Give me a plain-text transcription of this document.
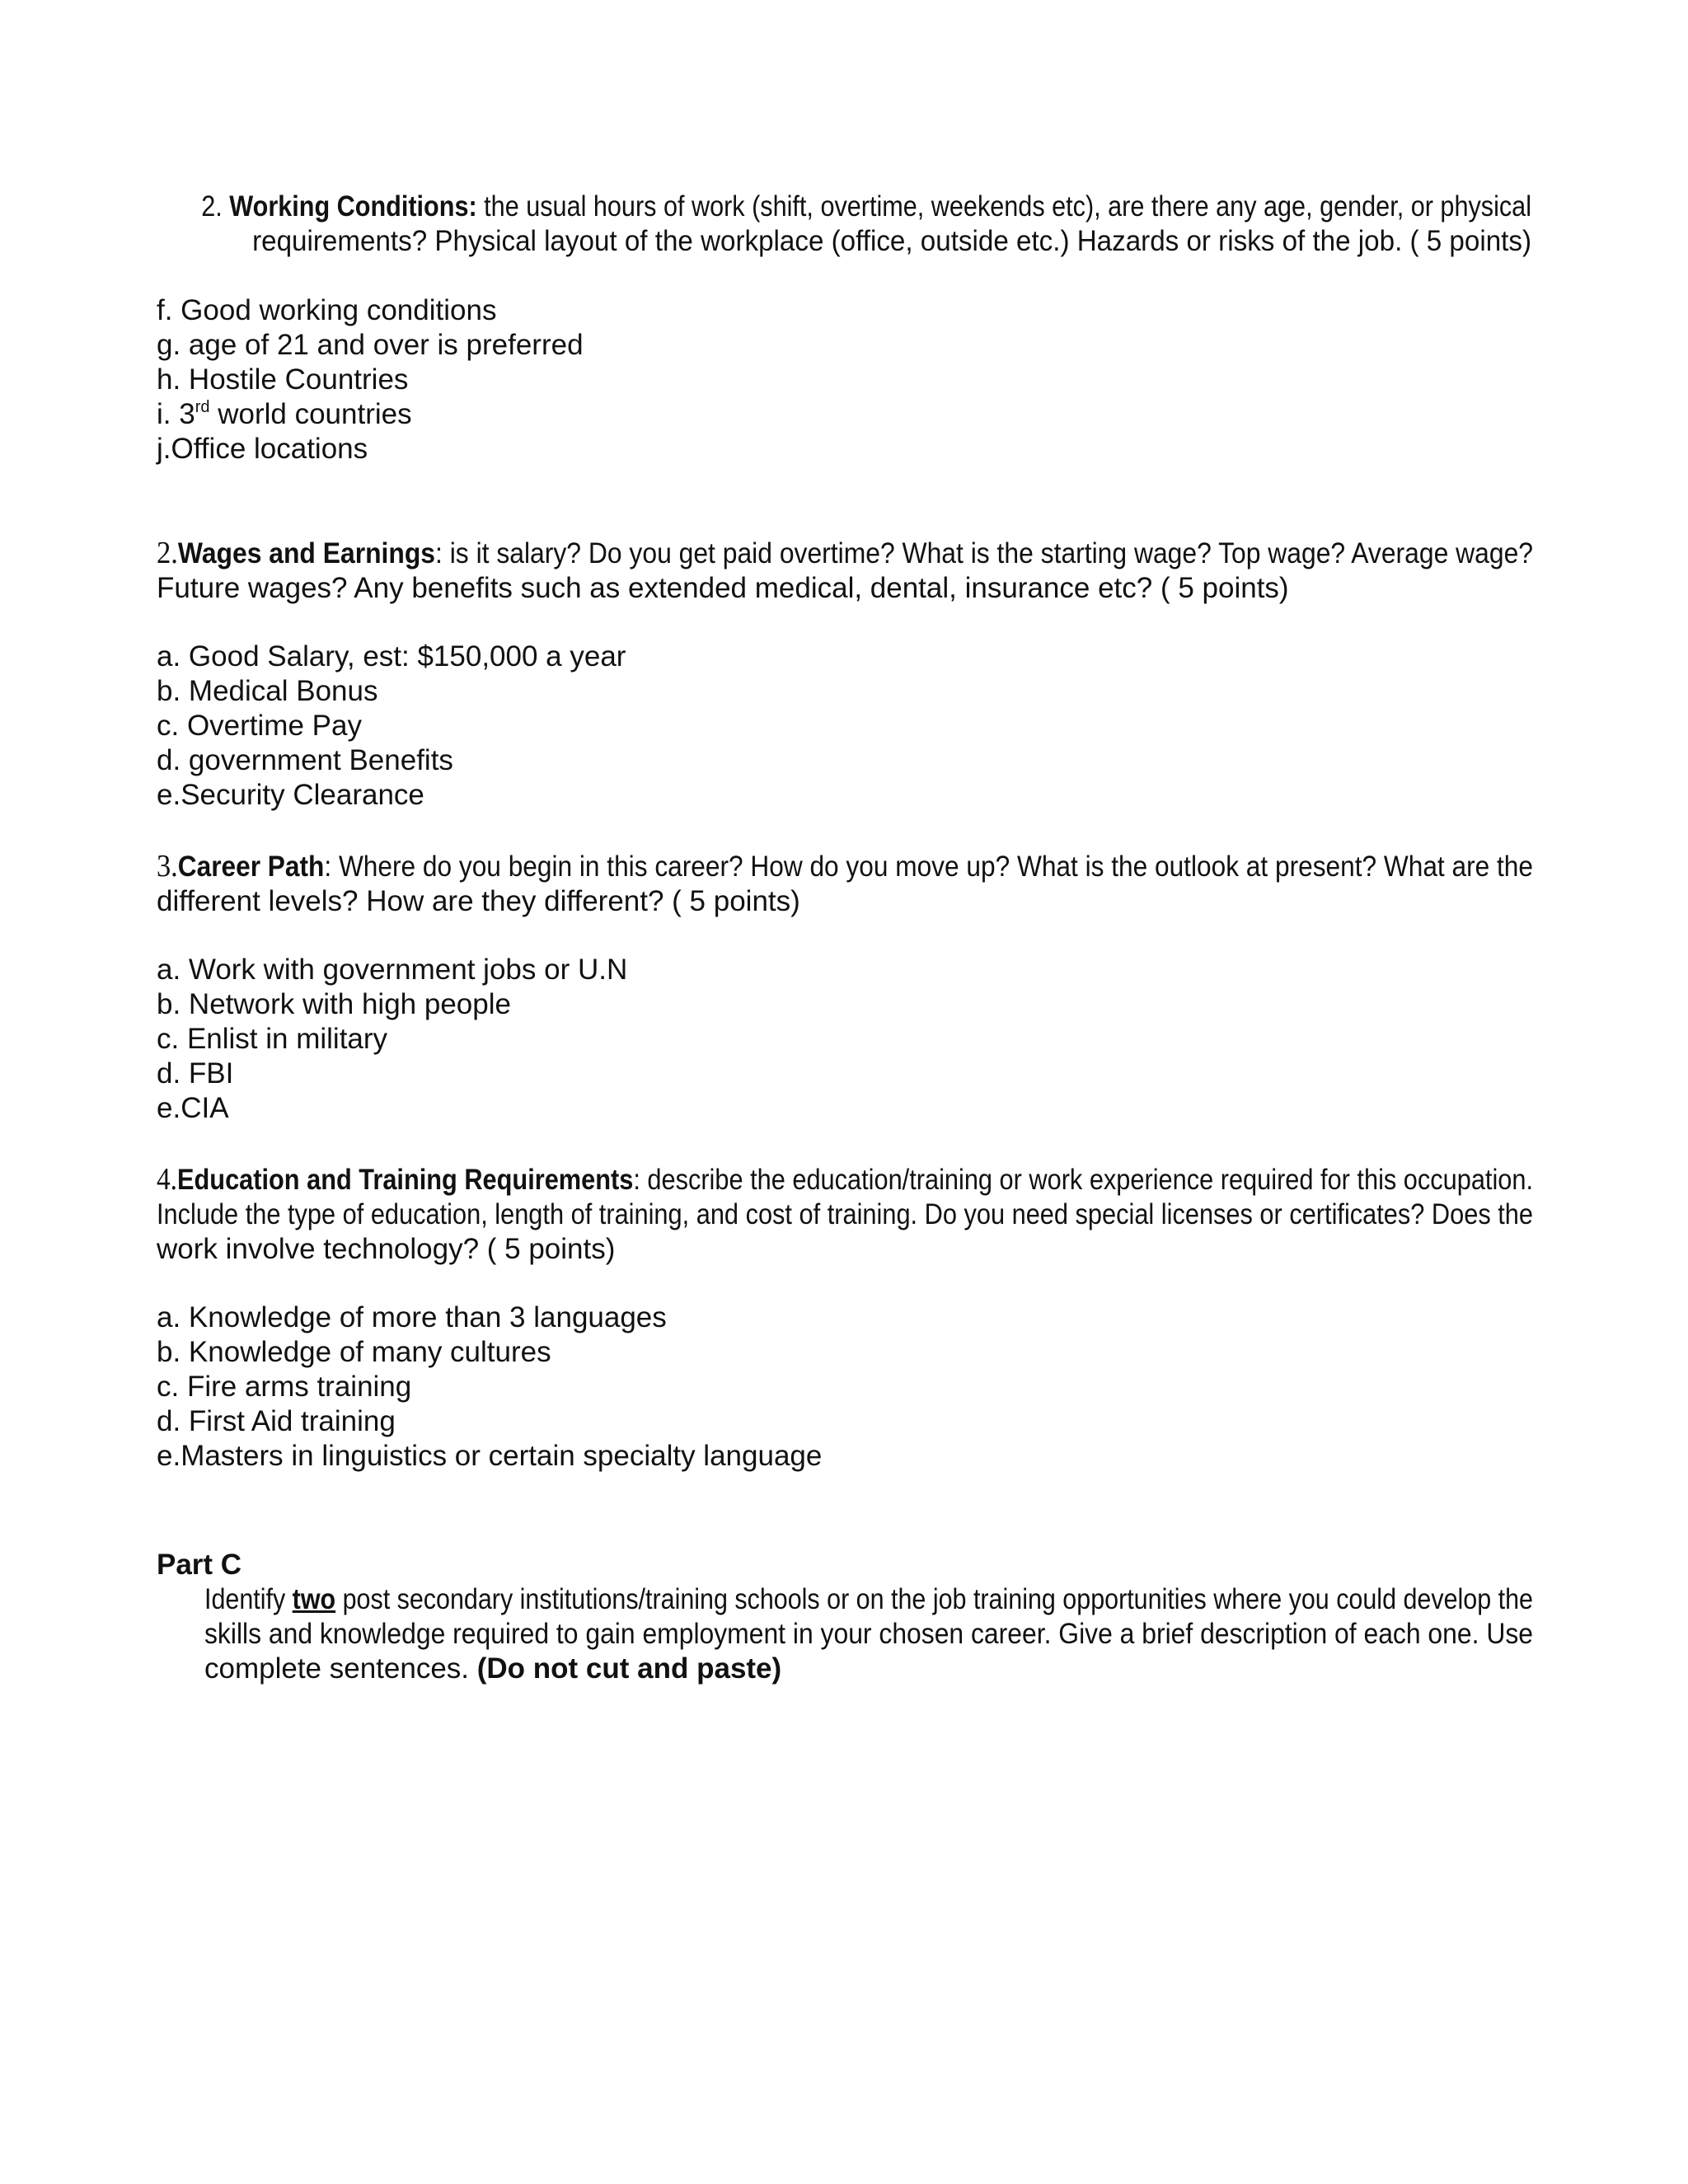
2. Working Conditions: the usual hours of work (shift, overtime, weekends etc), are there any age, gender, or physical
requirements? Physical layout of the workplace (office, outside etc.) Hazards or risks of the job. ( 5 points)
f. Good working conditions
g. age of 21 and over is preferred
h. Hostile Countries
i. 3rd world countries
j.Office locations
2.Wages and Earnings: is it salary? Do you get paid overtime? What is the starting wage? Top wage? Average wage?
Future wages? Any benefits such as extended medical, dental, insurance etc? ( 5 points)
a. Good Salary, est: $150,000 a year
b. Medical Bonus
c. Overtime Pay
d. government Benefits
e.Security Clearance
3.Career Path: Where do you begin in this career? How do you move up? What is the outlook at present? What are the
different levels? How are they different? ( 5 points)
a. Work with government jobs or U.N
b. Network with high people
c. Enlist in military
d. FBI
e.CIA
4.Education and Training Requirements: describe the education/training or work experience required for this occupation.
Include the type of education, length of training, and cost of training. Do you need special licenses or certificates? Does the
work involve technology? ( 5 points)
a. Knowledge of more than 3 languages
b. Knowledge of many cultures
c. Fire arms training
d. First Aid training
e.Masters in linguistics or certain specialty language
Part C
Identify two post secondary institutions/training schools or on the job training opportunities where you could develop the
skills and knowledge required to gain employment in your chosen career. Give a brief description of each one. Use
complete sentences. (Do not cut and paste)
